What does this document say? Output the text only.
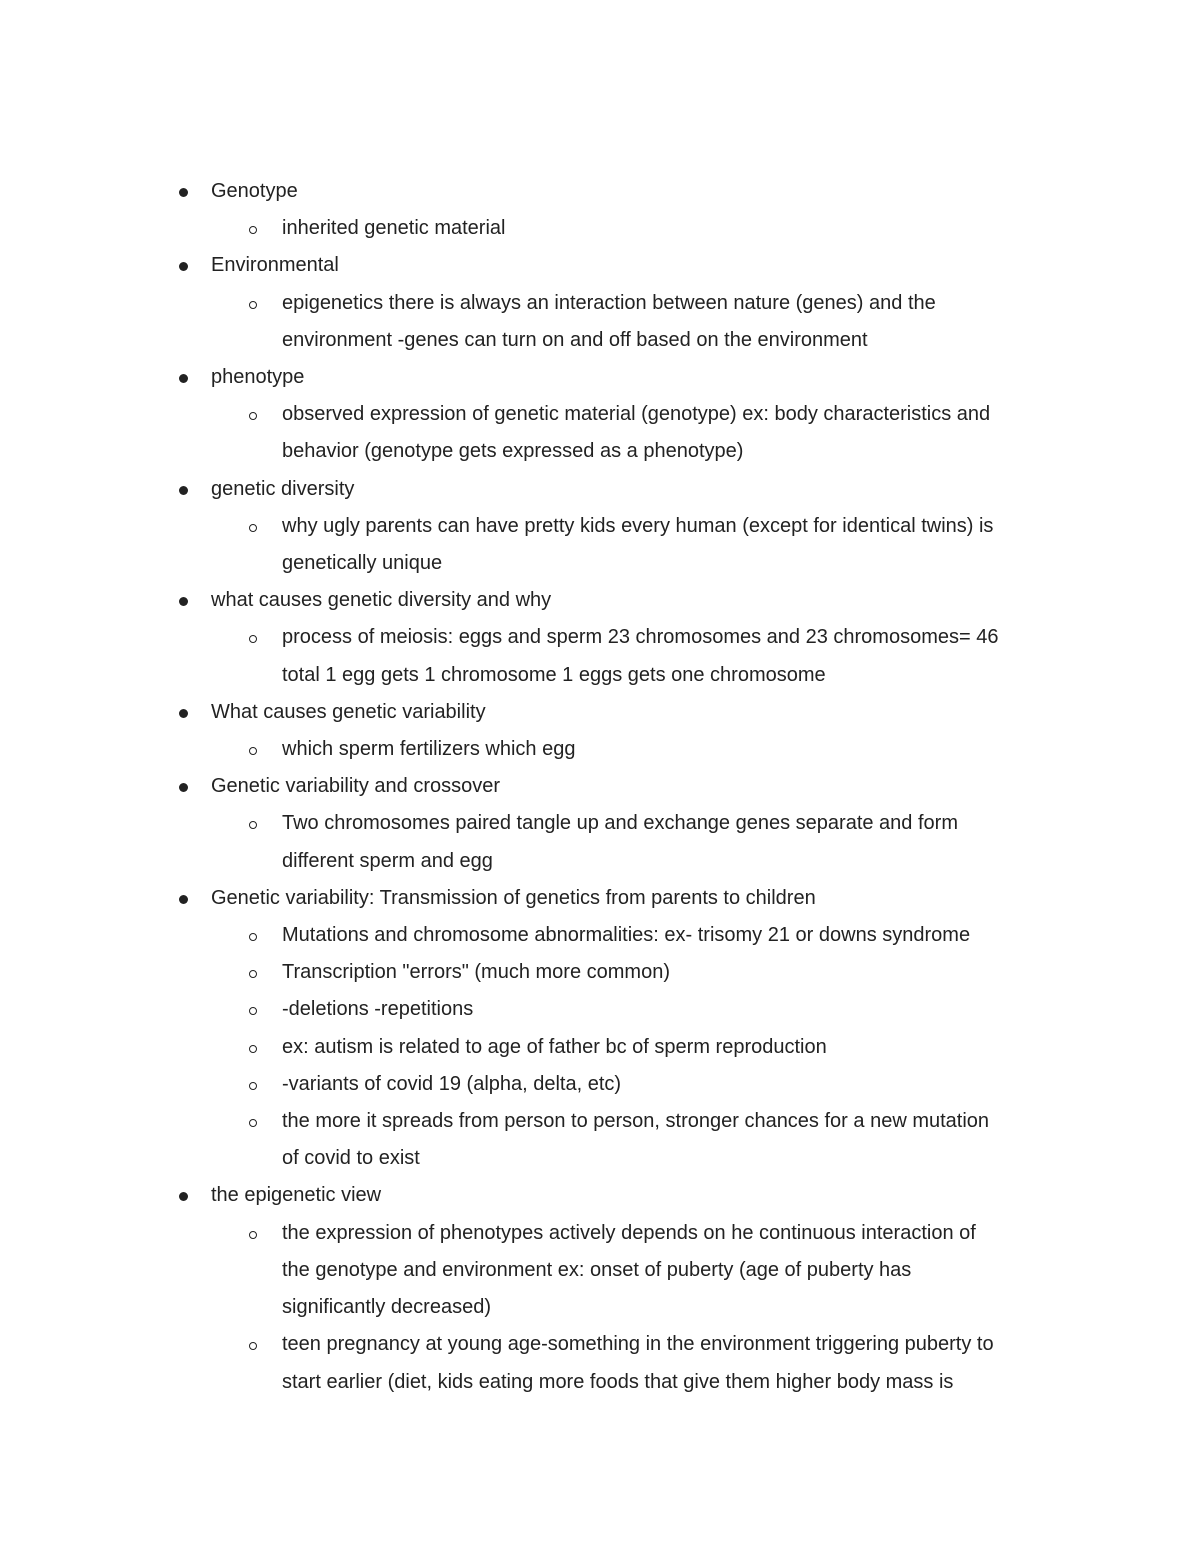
Genotype
inherited genetic material
Environmental
epigenetics there is always an interaction between nature (genes) and the
environment -genes can turn on and off based on the environment
phenotype
observed expression of genetic material (genotype) ex: body characteristics and
behavior (genotype gets expressed as a phenotype)
genetic diversity
why ugly parents can have pretty kids every human (except for identical twins) is
genetically unique
what causes genetic diversity and why
process of meiosis: eggs and sperm 23 chromosomes and 23 chromosomes= 46
total 1 egg gets 1 chromosome 1 eggs gets one chromosome
What causes genetic variability
which sperm fertilizers which egg
Genetic variability and crossover
Two chromosomes paired tangle up and exchange genes separate and form
different sperm and egg
Genetic variability: Transmission of genetics from parents to children
Mutations and chromosome abnormalities: ex- trisomy 21 or downs syndrome
Transcription "errors" (much more common)
-deletions -repetitions
ex: autism is related to age of father bc of sperm reproduction
-variants of covid 19 (alpha, delta, etc)
the more it spreads from person to person, stronger chances for a new mutation
of covid to exist
the epigenetic view
the expression of phenotypes actively depends on he continuous interaction of
the genotype and environment ex: onset of puberty (age of puberty has
significantly decreased)
teen pregnancy at young age-something in the environment triggering puberty to
start earlier (diet, kids eating more foods that give them higher body mass is
